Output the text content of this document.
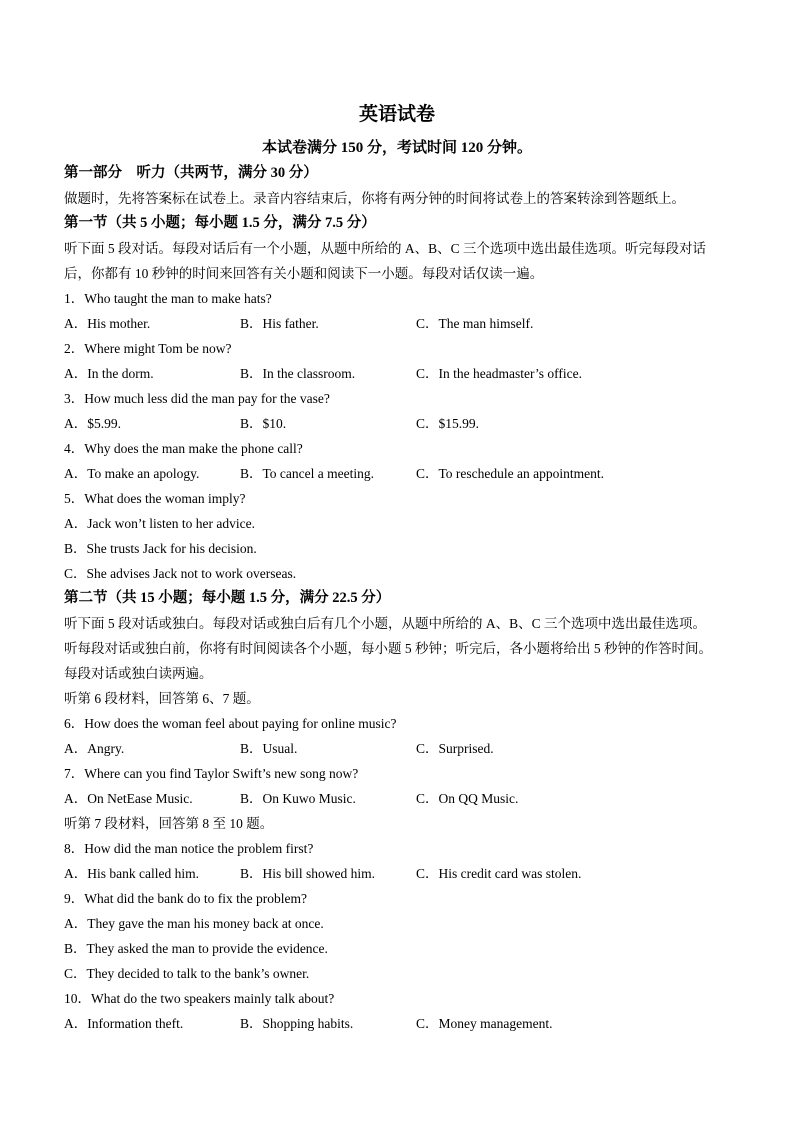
英语试卷
本试卷满分 150 分，考试时间 120 分钟。
第一部分　听力（共两节，满分 30 分）
做题时，先将答案标在试卷上。录音内容结束后，你将有两分钟的时间将试卷上的答案转涂到答题纸上。
第一节（共 5 小题；每小题 1.5 分，满分 7.5 分）
听下面 5 段对话。每段对话后有一个小题，从题中所给的 A、B、C 三个选项中选出最佳选项。听完每段对话
后，你都有 10 秒钟的时间来回答有关小题和阅读下一小题。每段对话仅读一遍。
1．Who taught the man to make hats?
A．His mother.	B．His father.	C．The man himself.
2．Where might Tom be now?
A．In the dorm.	B．In the classroom.	C．In the headmaster’s office.
3．How much less did the man pay for the vase?
A．$5.99.	B．$10.	C．$15.99.
4．Why does the man make the phone call?
A．To make an apology.	B．To cancel a meeting.	C．To reschedule an appointment.
5．What does the woman imply?
A．Jack won’t listen to her advice.
B．She trusts Jack for his decision.
C．She advises Jack not to work overseas.
第二节（共 15 小题；每小题 1.5 分，满分 22.5 分）
听下面 5 段对话或独白。每段对话或独白后有几个小题，从题中所给的 A、B、C 三个选项中选出最佳选项。
听每段对话或独白前，你将有时间阅读各个小题，每小题 5 秒钟；听完后，各小题将给出 5 秒钟的作答时间。
每段对话或独白读两遍。
听第 6 段材料，回答第 6、7 题。
6．How does the woman feel about paying for online music?
A．Angry.	B．Usual.	C．Surprised.
7．Where can you find Taylor Swift’s new song now?
A．On NetEase Music.	B．On Kuwo Music.	C．On QQ Music.
听第 7 段材料，回答第 8 至 10 题。
8．How did the man notice the problem first?
A．His bank called him.	B．His bill showed him.	C．His credit card was stolen.
9．What did the bank do to fix the problem?
A．They gave the man his money back at once.
B．They asked the man to provide the evidence.
C．They decided to talk to the bank’s owner.
10．What do the two speakers mainly talk about?
A．Information theft.	B．Shopping habits.	C．Money management.
